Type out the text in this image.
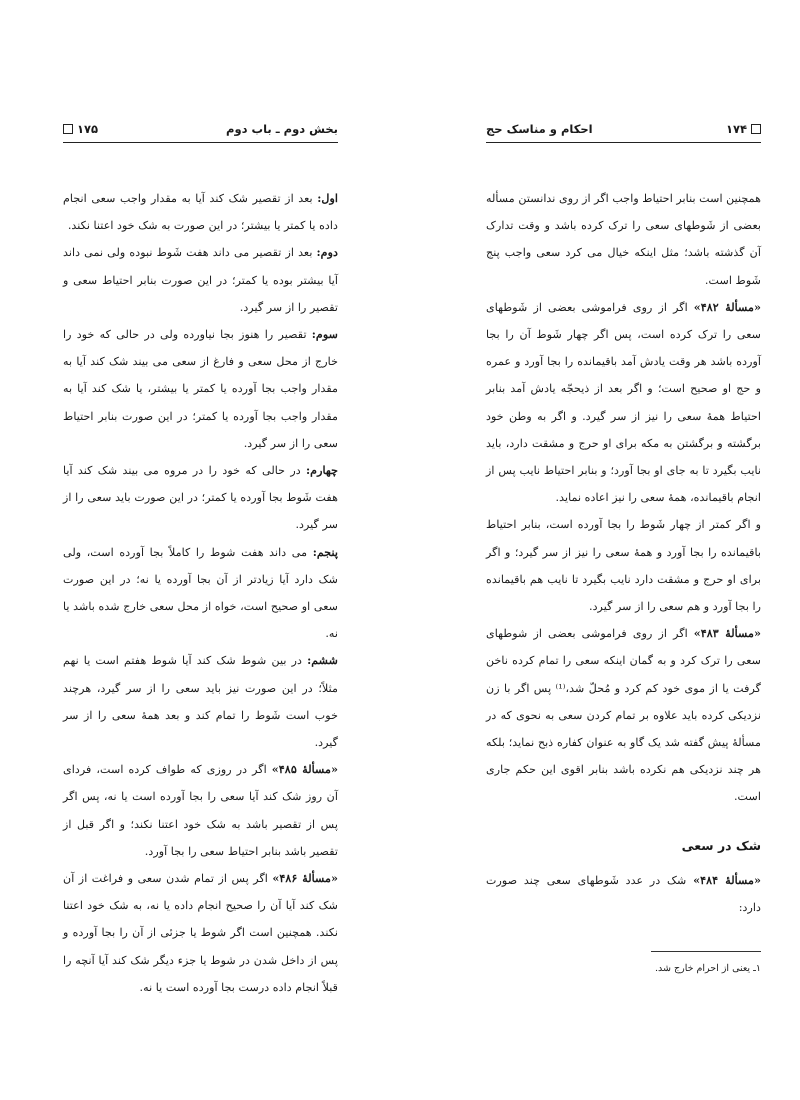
بخش دوم ـ باب دوم
۱۷۵

اول: بعد از تقصیر شک کند آیا به مقدار واجب سعی انجام داده یا کمتر یا بیشتر؛ در این صورت به شک خود اعتنا نکند.

دوم: بعد از تقصیر می داند هفت شَوط نبوده ولی نمی داند آیا بیشتر بوده یا کمتر؛ در این صورت بنابر احتیاط سعی و تقصیر را از سر گیرد.

سوم: تقصیر را هنوز بجا نیاورده ولی در حالی که خود را خارج از محل سعی و فارغ از سعی می بیند شک کند آیا به مقدار واجب بجا آورده یا کمتر یا بیشتر، یا شک کند آیا به مقدار واجب بجا آورده یا کمتر؛ در این صورت بنابر احتیاط سعی را از سر گیرد.

چهارم: در حالی که خود را در مروه می بیند شک کند آیا هفت شَوط بجا آورده یا کمتر؛ در این صورت باید سعی را از سر گیرد.

پنجم: می داند هفت شوط را کاملاً بجا آورده است، ولی شک دارد آیا زیادتر از آن بجا آورده یا نه؛ در این صورت سعی او صحیح است، خواه از محل سعی خارج شده باشد یا نه.

ششم: در بین شوط شک کند آیا شوط هفتم است یا نهم مثلاً؛ در این صورت نیز باید سعی را از سر گیرد، هرچند خوب است شَوط را تمام کند و بعد همهٔ سعی را از سر گیرد.

«مسألهٔ ۴۸۵» اگر در روزی که طواف کرده است، فردای آن روز شک کند آیا سعی را بجا آورده است یا نه، پس اگر پس از تقصیر باشد به شک خود اعتنا نکند؛ و اگر قبل از تقصیر باشد بنابر احتیاط سعی را بجا آورد.

«مسألهٔ ۴۸۶» اگر پس از تمام شدن سعی و فراغت از آن شک کند آیا آن را صحیح انجام داده یا نه، به شک خود اعتنا نکند. همچنین است اگر شوط یا جزئی از آن را بجا آورده و پس از داخل شدن در شوط یا جزء دیگر شک کند آیا آنچه را قبلاً انجام داده درست بجا آورده است یا نه.

۱۷۴
احکام و مناسک حج

همچنین است بنابر احتیاط واجب اگر از روی ندانستن مسأله بعضی از شَوطهای سعی را ترک کرده باشد و وقت تدارک آن گذشته باشد؛ مثل اینکه خیال می کرد سعی واجب پنج شَوط است.

«مسألهٔ ۴۸۲» اگر از روی فراموشی بعضی از شَوطهای سعی را ترک کرده است، پس اگر چهار شَوط آن را بجا آورده باشد هر وقت یادش آمد باقیمانده را بجا آورد و عمره و حج او صحیح است؛ و اگر بعد از ذیحجّه یادش آمد بنابر احتیاط همهٔ سعی را نیز از سر گیرد. و اگر به وطن خود برگشته و برگشتن به مکه برای او حرج و مشقت دارد، باید نایب بگیرد تا به جای او بجا آورد؛ و بنابر احتیاط نایب پس از انجام باقیمانده، همهٔ سعی را نیز اعاده نماید.

و اگر کمتر از چهار شَوط را بجا آورده است، بنابر احتیاط باقیمانده را بجا آورد و همهٔ سعی را نیز از سر گیرد؛ و اگر برای او حرج و مشقت دارد نایب بگیرد تا نایب هم باقیمانده را بجا آورد و هم سعی را از سر گیرد.

«مسألهٔ ۴۸۳» اگر از روی فراموشی بعضی از شوطهای سعی را ترک کرد و به گمان اینکه سعی را تمام کرده ناخن گرفت یا از موی خود کم کرد و مُحلّ شد،⁽¹⁾ پس اگر با زن نزدیکی کرده باید علاوه بر تمام کردن سعی به نحوی که در مسألهٔ پیش گفته شد یک گاو به عنوان کفاره ذبح نماید؛ بلکه هر چند نزدیکی هم نکرده باشد بنابر اقوی این حکم جاری است.

شک در سعی

«مسألهٔ ۴۸۴» شک در عدد شَوطهای سعی چند صورت دارد:

۱ـ یعنی از احرام خارج شد.
